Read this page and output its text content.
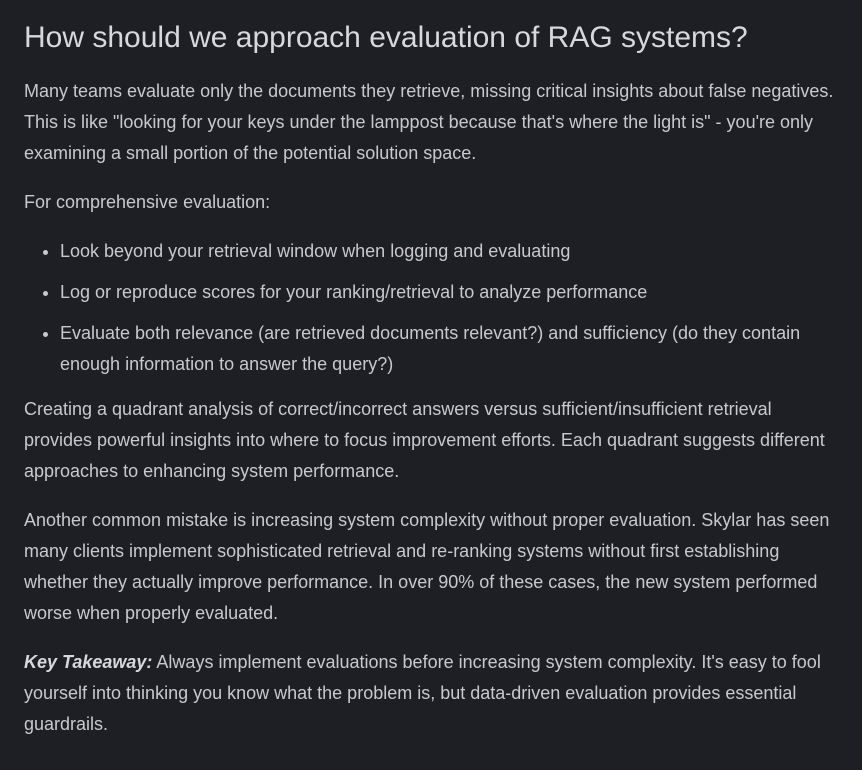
How should we approach evaluation of RAG systems?

Many teams evaluate only the documents they retrieve, missing critical insights about false negatives. This is like "looking for your keys under the lamppost because that's where the light is" - you're only examining a small portion of the potential solution space.

For comprehensive evaluation:

• Look beyond your retrieval window when logging and evaluating
• Log or reproduce scores for your ranking/retrieval to analyze performance
• Evaluate both relevance (are retrieved documents relevant?) and sufficiency (do they contain enough information to answer the query?)

Creating a quadrant analysis of correct/incorrect answers versus sufficient/insufficient retrieval provides powerful insights into where to focus improvement efforts. Each quadrant suggests different approaches to enhancing system performance.

Another common mistake is increasing system complexity without proper evaluation. Skylar has seen many clients implement sophisticated retrieval and re-ranking systems without first establishing whether they actually improve performance. In over 90% of these cases, the new system performed worse when properly evaluated.

Key Takeaway: Always implement evaluations before increasing system complexity. It's easy to fool yourself into thinking you know what the problem is, but data-driven evaluation provides essential guardrails.
